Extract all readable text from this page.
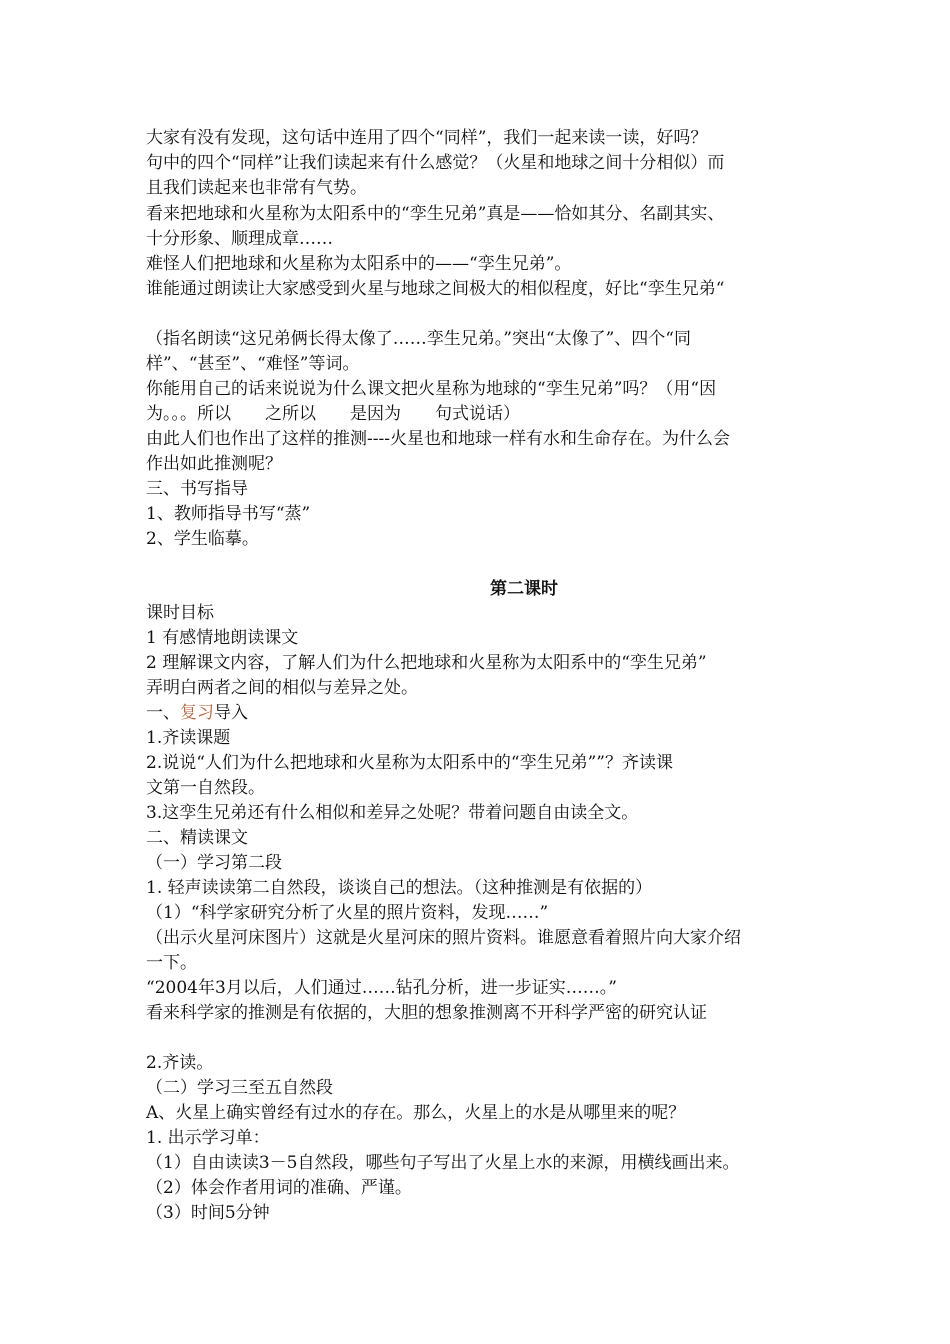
大家有没有发现，这句话中连用了四个“同样”，我们一起来读一读，好吗？
句中的四个“同样”让我们读起来有什么感觉？（火星和地球之间十分相似）而
且我们读起来也非常有气势。
看来把地球和火星称为太阳系中的“孪生兄弟”真是——恰如其分、名副其实、
十分形象、顺理成章……
难怪人们把地球和火星称为太阳系中的——“孪生兄弟”。
谁能通过朗读让大家感受到火星与地球之间极大的相似程度，好比“孪生兄弟“
（指名朗读“这兄弟俩长得太像了……孪生兄弟。”突出“太像了”、四个“同
样”、“甚至”、“难怪”等词。
你能用自己的话来说说为什么课文把火星称为地球的“孪生兄弟”吗？（用“因
为。。。所以　　之所以　　是因为　　句式说话）
由此人们也作出了这样的推测----火星也和地球一样有水和生命存在。为什么会
作出如此推测呢？
三、书写指导
1、教师指导书写“蒸”
2、学生临摹。
第二课时
课时目标
1 有感情地朗读课文
2 理解课文内容，了解人们为什么把地球和火星称为太阳系中的“孪生兄弟”
弄明白两者之间的相似与差异之处。
一、复习导入
1.齐读课题
2.说说“人们为什么把地球和火星称为太阳系中的“孪生兄弟””？齐读课
文第一自然段。
3.这孪生兄弟还有什么相似和差异之处呢？带着问题自由读全文。
二、精读课文
（一）学习第二段
1. 轻声读读第二自然段，谈谈自己的想法。（这种推测是有依据的）
（1）“科学家研究分析了火星的照片资料，发现……”
（出示火星河床图片）这就是火星河床的照片资料。谁愿意看着照片向大家介绍
一下。
“2004年3月以后，人们通过……钻孔分析，进一步证实……。”
看来科学家的推测是有依据的，大胆的想象推测离不开科学严密的研究认证
2.齐读。
（二）学习三至五自然段
A、火星上确实曾经有过水的存在。那么，火星上的水是从哪里来的呢？
1. 出示学习单：
（1）自由读读3－5自然段，哪些句子写出了火星上水的来源，用横线画出来。
（2）体会作者用词的准确、严谨。
（3）时间5分钟
